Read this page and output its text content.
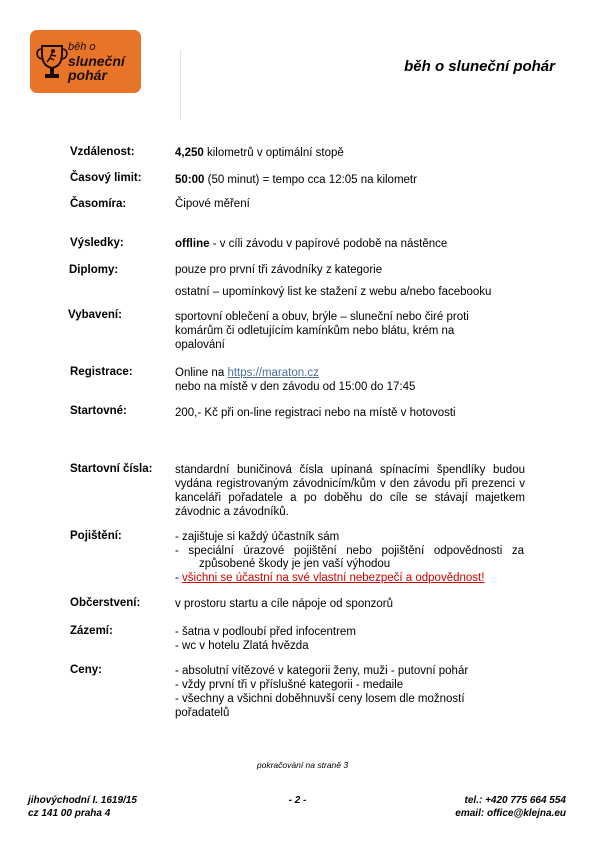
běh o
sluneční
pohár	běh o sluneční pohár
Vzdálenost:	4,250 kilometrů v optimální stopě
Časový limit:	50:00 (50 minut) = tempo cca 12:05 na kilometr
Časomíra:	Čipové měření
Výsledky:	offline - v cíli závodu v papírové podobě na nástěnce
Diplomy:	pouze pro první tři závodníky z kategorie
ostatní – upomínkový list ke stažení z webu a/nebo facebooku
Vybavení:	sportovní oblečení a obuv, brýle – sluneční nebo čiré proti komárům či odletujícím kamínkům nebo blátu, krém na opalování
Registrace:	Online na https://maraton.cz
nebo na místě v den závodu od 15:00 do 17:45
Startovné:	200,- Kč při on-line registraci nebo na místě v hotovosti
Startovní čísla: standardní buničinová čísla upínaná spínacími špendlíky budou vydána registrovaným závodnicím/kům v den závodu při prezenci v kanceláři pořadatele a po doběhu do cíle se stávají majetkem závodnic a závodníků.
Pojištění:	- zajištuje si každý účastník sám
- speciální úrazové pojištění nebo pojištění odpovědnosti za
způsobené škody je jen vaší výhodou
- všichni se účastní na své vlastní nebezpečí a odpovědnost!
Občerstvení:	v prostoru startu a cíle nápoje od sponzorů
Zázemí:	- šatna v podloubí před infocentrem
- wc v hotelu Zlatá hvězda
Ceny:	- absolutní vítězové v kategorii ženy, muži - putovní pohár
- vždy první tři v příslušné kategorii - medaile
- všechny a všichni doběhnuvší ceny losem dle možností pořadatelů
pokračování na straně 3
jihovýchodní I. 1619/15
cz 141 00 praha 4
- 2 -	tel.: +420 775 664 554
email: office@klejna.eu
